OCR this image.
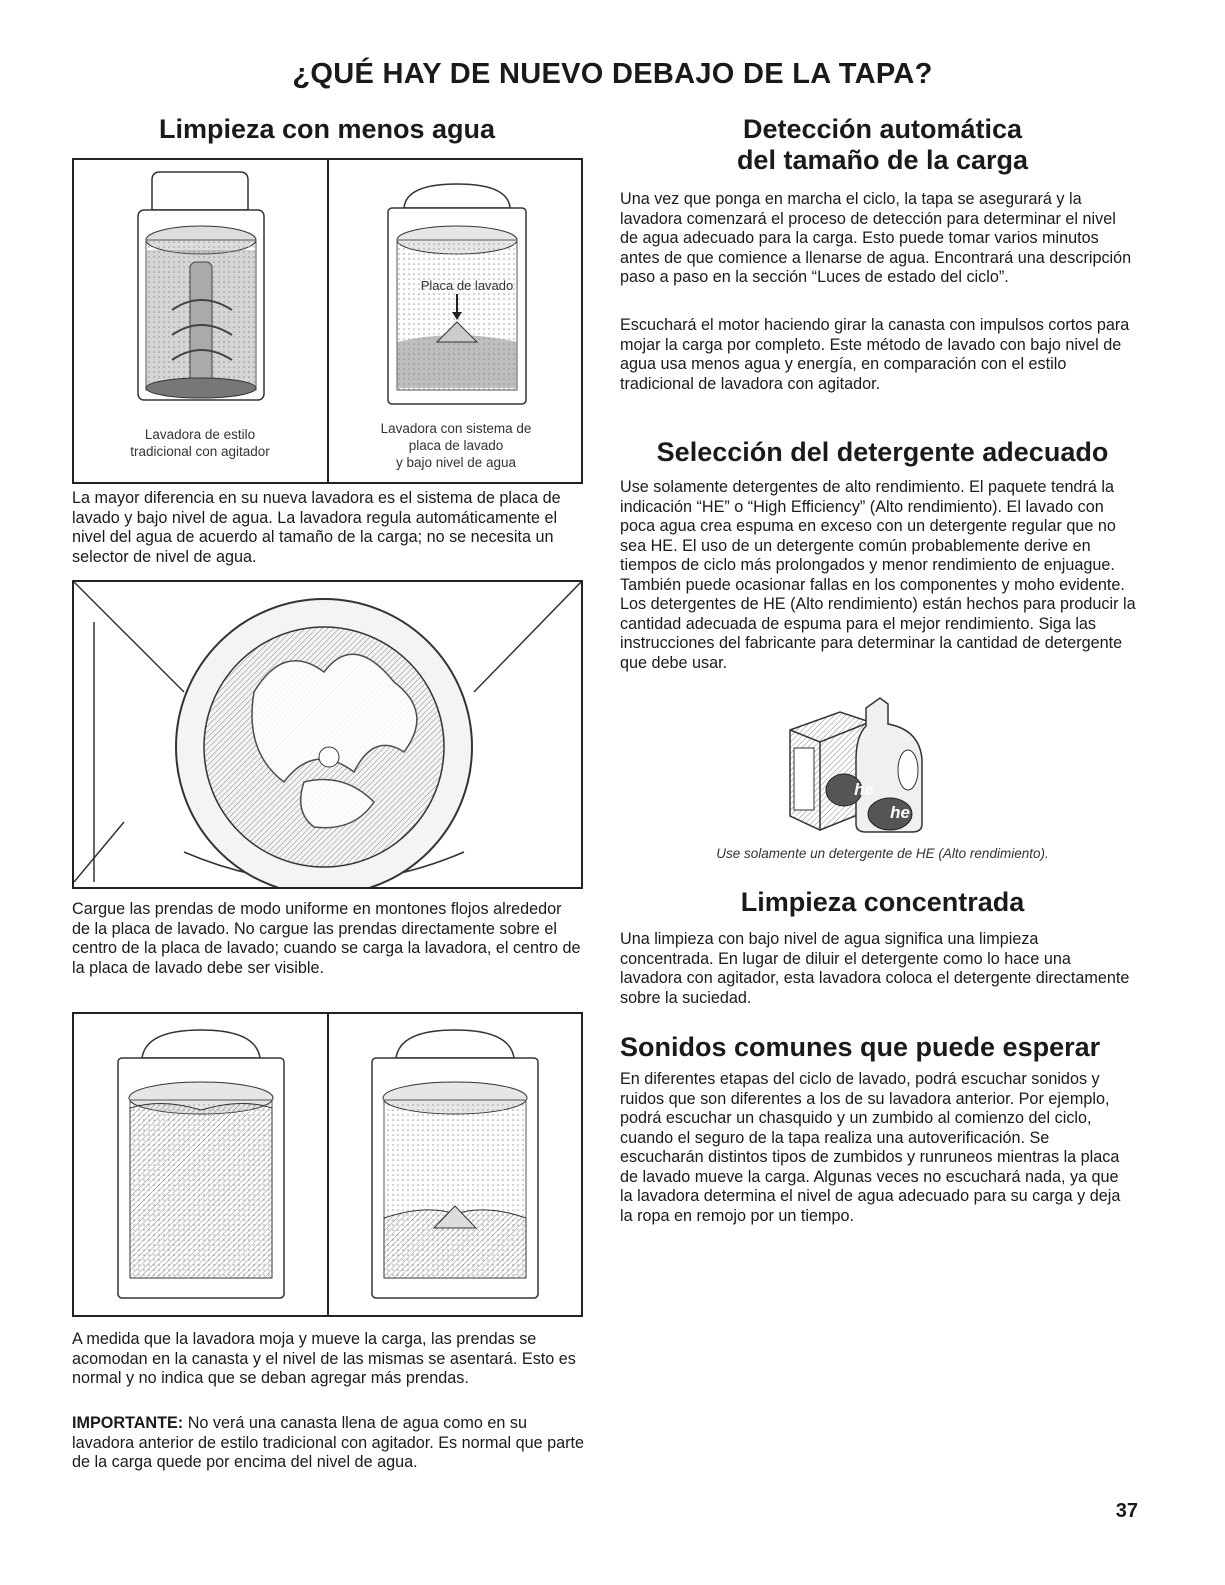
¿QUÉ HAY DE NUEVO DEBAJO DE LA TAPA?
Limpieza con menos agua
Placa de lavado
Lavadora de estilo
tradicional con agitador
Lavadora con sistema de
placa de lavado
y bajo nivel de agua

La mayor diferencia en su nueva lavadora es el sistema de placa de lavado y bajo nivel de agua. La lavadora regula automáticamente el nivel del agua de acuerdo al tamaño de la carga; no se necesita un selector de nivel de agua.

Cargue las prendas de modo uniforme en montones flojos alrededor de la placa de lavado. No cargue las prendas directamente sobre el centro de la placa de lavado; cuando se carga la lavadora, el centro de la placa de lavado debe ser visible.

A medida que la lavadora moja y mueve la carga, las prendas se acomodan en la canasta y el nivel de las mismas se asentará. Esto es normal y no indica que se deban agregar más prendas.

IMPORTANTE: No verá una canasta llena de agua como en su lavadora anterior de estilo tradicional con agitador. Es normal que parte de la carga quede por encima del nivel de agua.

Detección automática
del tamaño de la carga

Una vez que ponga en marcha el ciclo, la tapa se asegurará y la lavadora comenzará el proceso de detección para determinar el nivel de agua adecuado para la carga. Esto puede tomar varios minutos antes de que comience a llenarse de agua. Encontrará una descripción paso a paso en la sección “Luces de estado del ciclo”.

Escuchará el motor haciendo girar la canasta con impulsos cortos para mojar la carga por completo. Este método de lavado con bajo nivel de agua usa menos agua y energía, en comparación con el estilo tradicional de lavadora con agitador.

Selección del detergente adecuado

Use solamente detergentes de alto rendimiento. El paquete tendrá la indicación “HE” o “High Efficiency” (Alto rendimiento). El lavado con poca agua crea espuma en exceso con un detergente regular que no sea HE. El uso de un detergente común probablemente derive en tiempos de ciclo más prolongados y menor rendimiento de enjuague. También puede ocasionar fallas en los componentes y moho evidente. Los detergentes de HE (Alto rendimiento) están hechos para producir la cantidad adecuada de espuma para el mejor rendimiento. Siga las instrucciones del fabricante para determinar la cantidad de detergente que debe usar.

he
he
Use solamente un detergente de HE (Alto rendimiento).
Limpieza concentrada

Una limpieza con bajo nivel de agua significa una limpieza concentrada. En lugar de diluir el detergente como lo hace una lavadora con agitador, esta lavadora coloca el detergente directamente sobre la suciedad.

Sonidos comunes que puede esperar

En diferentes etapas del ciclo de lavado, podrá escuchar sonidos y ruidos que son diferentes a los de su lavadora anterior. Por ejemplo, podrá escuchar un chasquido y un zumbido al comienzo del ciclo, cuando el seguro de la tapa realiza una autoverificación. Se escucharán distintos tipos de zumbidos y runruneos mientras la placa de lavado mueve la carga. Algunas veces no escuchará nada, ya que la lavadora determina el nivel de agua adecuado para su carga y deja la ropa en remojo por un tiempo.

37
